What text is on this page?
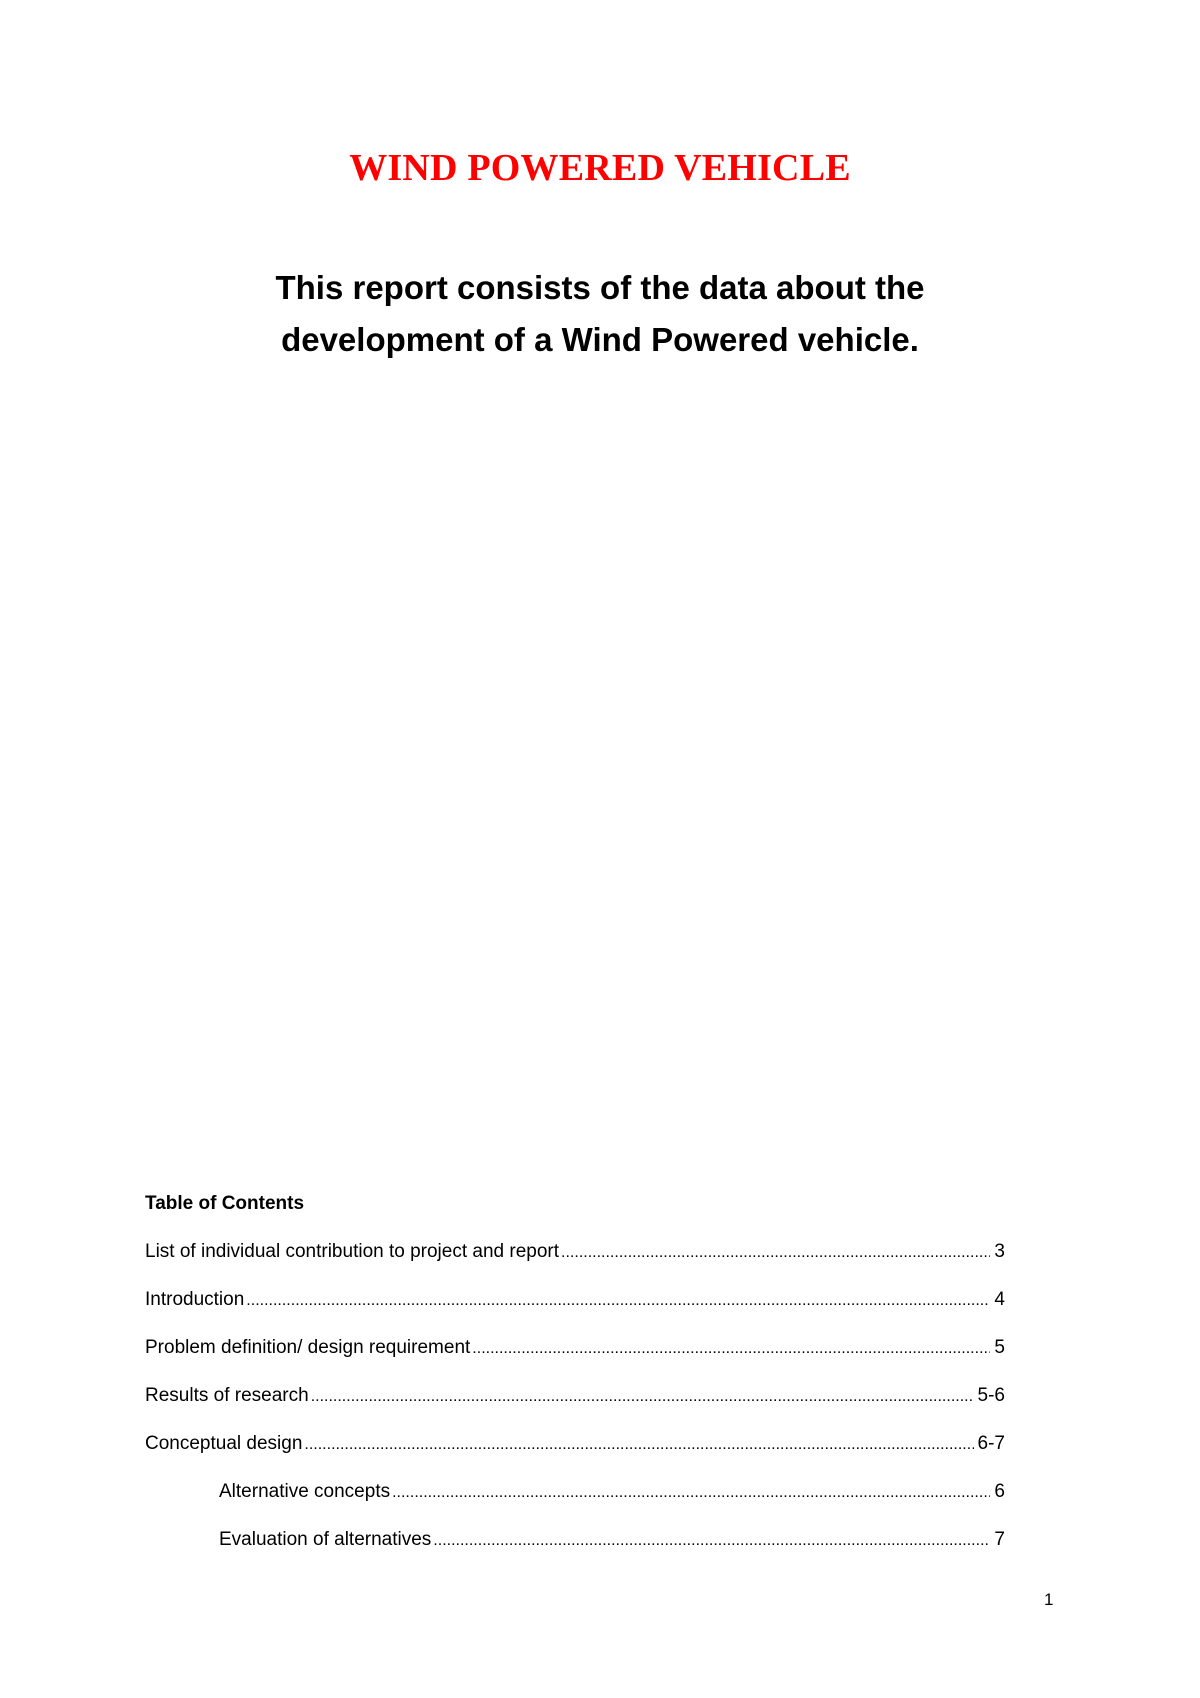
WIND POWERED VEHICLE

This report consists of the data about the development of a Wind Powered vehicle.

Table of Contents
List of individual contribution to project and report .....	3
Introduction .....	4
Problem definition/ design requirement .....	5
Results of research .....	5-6
Conceptual design .....	6-7
Alternative concepts .....	6
Evaluation of alternatives .....	7
1
